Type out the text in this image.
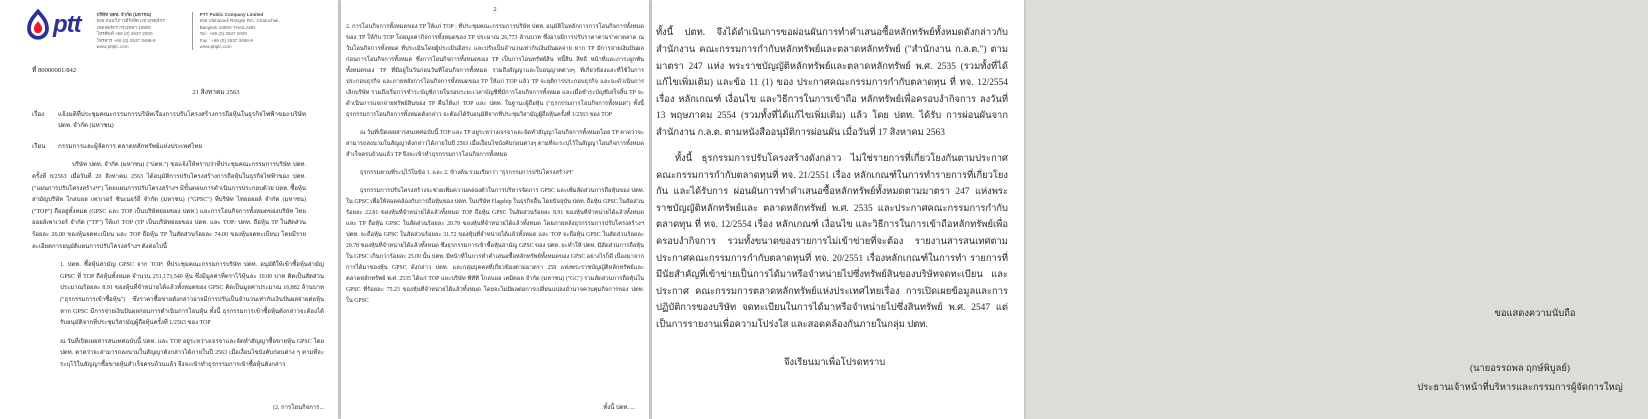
ptt	บริษัท ปตท. จำกัด (มหาชน)
555 ถนนวิภาวดีรังสิต แขวงจตุจักร
เขตจตุจักร กรุงเทพฯ 10900
โทรศัพท์ +66 (0) 2537 2000
โทรสาร +66 (0) 2537 3498-9
www.pttplc.com
PTT Public Company Limited
555 Vibhavadi Rangsit Rd., Chatuchak,
Bangkok 10900 THAILAND
Tel : +66 (0) 2537 2000
Fax : +66 (0) 2537 3498-9
www.pttplc.com
ที่ 80000001/842
21 สิงหาคม 2563
เรื่อง	แจ้งมติที่ประชุมคณะกรรมการบริษัทเรื่องการปรับโครงสร้างการถือหุ้นในธุรกิจไฟฟ้าของ บริษัท ปตท. จำกัด (มหาชน)
เรียน	กรรมการและผู้จัดการ ตลาดหลักทรัพย์แห่งประเทศไทย

บริษัท ปตท. จำกัด (มหาชน) ("ปตท.") ขอแจ้งให้ทราบว่าที่ประชุมคณะกรรมการบริษัท ปตท. ครั้งที่ 8/2563 เมื่อวันที่ 20 สิงหาคม 2563 ได้อนุมัติการปรับโครงสร้างการถือหุ้นในธุรกิจไฟฟ้าของ ปตท. ("แผนการปรับโครงสร้างฯ") โดยแผนการปรับโครงสร้างฯ มีขั้นตอนการดำเนินการประกอบด้วย ปตท. ซื้อหุ้นสามัญบริษัท โกลบอล เพาเวอร์ ซินเนอร์ยี่ จำกัด (มหาชน) ("GPSC") ที่บริษัท ไทยออยล์ จำกัด (มหาชน) ("TOP") ถืออยู่ทั้งหมด (GPSC และ TOP เป็นบริษัทย่อยของ ปตท.) และการโอนกิจการทั้งหมดของบริษัท ไทยออยล์เพาเวอร์ จำกัด ("TP") ให้แก่ TOP (TP เป็นบริษัทย่อยของ ปตท. และ TOP: ปตท. ถือหุ้น TP ในสัดส่วนร้อยละ 26.00 ของหุ้นจดทะเบียน และ TOP ถือหุ้น TP ในสัดส่วนร้อยละ 74.00 ของหุ้นจดทะเบียน) โดยมีรายละเอียดการอนุมัติแผนการปรับโครงสร้างฯ ดังต่อไปนี้

1. ปตท. ซื้อหุ้นสามัญ GPSC จาก TOP: ที่ประชุมคณะกรรมการบริษัท ปตท. อนุมัติให้เข้าซื้อหุ้นสามัญ GPSC ที่ TOP ถือหุ้นทั้งหมด จำนวน 251,173,540 หุ้น ซึ่งมีมูลค่าที่ตราไว้หุ้นละ 10.00 บาท คิดเป็นสัดส่วนประมาณร้อยละ 8.91 ของหุ้นที่จำหน่ายได้แล้วทั้งหมดของ GPSC คิดเป็นมูลค่าประมาณ 16,882 ล้านบาท ("ธุรกรรมการเข้าซื้อหุ้น") ซึ่งราคาซื้อขายดังกล่าวอาจมีการปรับเป็นจำนวนเท่ากับเงินปันผลจ่ายต่อหุ้น หาก GPSC มีการจ่ายเงินปันผลก่อนการดำเนินการโอนหุ้น ทั้งนี้ ธุรกรรมการเข้าซื้อหุ้นดังกล่าวจะต้องได้รับอนุมัติจากที่ประชุมวิสามัญผู้ถือหุ้นครั้งที่ 1/2563 ของ TOP

ณ วันที่เปิดเผยสารสนเทศฉบับนี้ ปตท. และ TOP อยู่ระหว่างเจรจาและจัดทำสัญญาซื้อขายหุ้น GPSC โดย ปตท. คาดว่าจะสามารถลงนามในสัญญาดังกล่าวได้ภายในปี 2563 เมื่อเงื่อนไขบังคับก่อนต่าง ๆ ตามที่จะระบุไว้ในสัญญาซื้อขายหุ้นสำเร็จครบถ้วนแล้ว จึงจะเข้าทำธุรกรรมการเข้าซื้อหุ้นดังกล่าว

(2. การโอนกิจการ...
2

2. การโอนกิจการทั้งหมดของ TP ให้แก่ TOP : ที่ประชุมคณะกรรมการบริษัท ปตท. อนุมัติในหลักการการโอนกิจการทั้งหมดของ TP ให้กับ TOP โดยมูลค่ากิจการทั้งหมดของ TP ประมาณ 26,773 ล้านบาท ซึ่งอาจมีการปรับราคาตามราคาตลาด ณ วันโอนกิจการทั้งหมด ที่ประเมินโดยผู้ประเมินอิสระ และปรับเป็นจำนวนเท่ากับเงินปันผลจ่าย หาก TP มีการจ่ายเงินปันผลก่อนการโอนกิจการทั้งหมด ซึ่งการโอนกิจการทั้งหมดของ TP เป็นการโอนทรัพย์สิน หนี้สิน สิทธิ หน้าที่และภาระผูกพันทั้งหมดของ TP ที่มีอยู่ในวันก่อนวันที่โอนกิจการทั้งหมด รวมถึงสัญญาและใบอนุญาตต่างๆ ที่เกี่ยวข้องและที่ใช้ในการประกอบธุรกิจ และภายหลังการโอนกิจการทั้งหมดของ TP ให้แก่ TOP แล้ว TP จะยุติการประกอบธุรกิจ และจะดำเนินการเลิกบริษัท รวมถึงเริ่มการชำระบัญชีภายในรอบระยะเวลาบัญชีที่มีการโอนกิจการทั้งหมด และเมื่อชำระบัญชีเสร็จสิ้น TP จะดำเนินการแจกจ่ายทรัพย์สินของ TP คืนให้แก่ TOP และ ปตท. ในฐานะผู้ถือหุ้น ("ธุรกรรมการโอนกิจการทั้งหมด") ทั้งนี้ ธุรกรรมการโอนกิจการทั้งหมดดังกล่าว จะต้องได้รับอนุมัติจากที่ประชุมวิสามัญผู้ถือหุ้นครั้งที่ 1/2563 ของ TOP

ณ วันที่เปิดเผยสารสนเทศฉบับนี้ TOP และ TP อยู่ระหว่างเจรจาและจัดทำสัญญาโอนกิจการทั้งหมดโดย TP คาดว่าจะสามารถลงนามในสัญญาดังกล่าวได้ภายในปี 2563 เมื่อเงื่อนไขบังคับก่อนต่างๆ ตามที่จะระบุไว้ในสัญญาโอนกิจการทั้งหมดสำเร็จครบถ้วนแล้ว TP จึงจะเข้าทำธุรกรรมการโอนกิจการทั้งหมด

ธุรกรรมตามที่ระบุไว้ในข้อ 1. และ 2. ข้างต้น รวมเรียกว่า "ธุรกรรมการปรับโครงสร้างฯ"

ธุรกรรมการปรับโครงสร้างจะช่วยเพิ่มความคล่องตัวในการบริหารจัดการ GPSC และเพิ่มสัดส่วนการถือหุ้นของ ปตท. ใน GPSC เพื่อให้สอดคล้องกับการถือหุ้นของ ปตท. ในบริษัท Flagship ในธุรกิจอื่น โดยปัจจุบัน ปตท. ถือหุ้น GPSC ในสัดส่วนร้อยละ 22.81 ของหุ้นที่จำหน่ายได้แล้วทั้งหมด TOP ถือหุ้น GPSC ในสัดส่วนร้อยละ 8.91 ของหุ้นที่จำหน่ายได้แล้วทั้งหมด และ TP ถือหุ้น GPSC ในสัดส่วนร้อยละ 20.78 ของหุ้นที่จำหน่ายได้แล้วทั้งหมด โดยภายหลังธุรกรรมการปรับโครงสร้างฯ ปตท. จะถือหุ้น GPSC ในสัดส่วนร้อยละ 31.72 ของหุ้นที่จำหน่ายได้แล้วทั้งหมด และ TOP จะถือหุ้น GPSC ในสัดส่วนร้อยละ 20.78 ของหุ้นที่จำหน่ายได้แล้วทั้งหมด ซึ่งธุรกรรมการเข้าซื้อหุ้นสามัญ GPSC ของ ปตท. จะทำให้ ปตท. มีสัดส่วนการถือหุ้นใน GPSC เกินกว่าร้อยละ 25.00 นั้น ปตท. มีหน้าที่ในการทำคำเสนอซื้อหลักทรัพย์ทั้งหมดของ GPSC อย่างไรก็ดี เนื่องมาจากการได้มาของหุ้น GPSC ดังกล่าว ปตท. และกลุ่มบุคคลที่เกี่ยวข้องตามมาตรา 258 แห่งพระราชบัญญัติหลักทรัพย์และตลาดหลักทรัพย์ พ.ศ. 2535 ได้แก่ TOP และบริษัท พีทีที โกลบอล เคมิคอล จำกัด (มหาชน) ("GC") รวมสัดส่วนการถือหุ้นใน GPSC ที่ร้อยละ 75.23 ของหุ้นที่จำหน่ายได้แล้วทั้งหมด โดยจะไม่มีผลต่อการเปลี่ยนแปลงอำนาจควบคุมกิจการของ ปตท. ใน GPSC

ทั้งนี้ ปตท. ...

ทั้งนี้ ปตท. จึงได้ดำเนินการขอผ่อนผันการทำคำเสนอซื้อหลักทรัพย์ทั้งหมดดังกล่าวกับสำนักงาน คณะกรรมการกำกับหลักทรัพย์และตลาดหลักทรัพย์ ("สำนักงาน ก.ล.ต.") ตามมาตรา 247 แห่ง พระราชบัญญัติหลักทรัพย์และตลาดหลักทรัพย์ พ.ศ. 2535 (รวมทั้งที่ได้แก้ไขเพิ่มเติม) และข้อ 11 (1) ของ ประกาศคณะกรรมการกำกับตลาดทุน ที่ ทจ. 12/2554 เรื่อง หลักเกณฑ์ เงื่อนไข และวิธีการในการเข้าถือ หลักทรัพย์เพื่อครอบงำกิจการ ลงวันที่ 13 พฤษภาคม 2554 (รวมทั้งที่ได้แก้ไขเพิ่มเติม) แล้ว โดย ปตท. ได้รับ การผ่อนผันจากสำนักงาน ก.ล.ต. ตามหนังสืออนุมัติการผ่อนผัน เมื่อวันที่ 17 สิงหาคม 2563

ทั้งนี้ ธุรกรรมการปรับโครงสร้างดังกล่าว ไม่ใช่รายการที่เกี่ยวโยงกันตามประกาศ คณะกรรมการกำกับตลาดทุนที่ ทจ. 21/2551 เรื่อง หลักเกณฑ์ในการทำรายการที่เกี่ยวโยงกัน และได้รับการ ผ่อนผันการทำคำเสนอซื้อหลักทรัพย์ทั้งหมดตามมาตรา 247 แห่งพระราชบัญญัติหลักทรัพย์และ ตลาดหลักทรัพย์ พ.ศ. 2535 และประกาศคณะกรรมการกำกับตลาดทุน ที่ ทจ. 12/2554 เรื่อง หลักเกณฑ์ เงื่อนไข และวิธีการในการเข้าถือหลักทรัพย์เพื่อครอบงำกิจการ รวมทั้งขนาดของรายการไม่เข้าข่ายที่จะต้อง รายงานสารสนเทศตามประกาศคณะกรรมการกำกับตลาดทุนที่ ทจ. 20/2551 เรื่องหลักเกณฑ์ในการทำ รายการที่มีนัยสำคัญที่เข้าข่ายเป็นการได้มาหรือจำหน่ายไปซึ่งทรัพย์สินของบริษัทจดทะเบียน และประกาศ คณะกรรมการตลาดหลักทรัพย์แห่งประเทศไทยเรื่อง การเปิดเผยข้อมูลและการปฏิบัติการของบริษัท จดทะเบียนในการได้มาหรือจำหน่ายไปซึ่งสินทรัพย์ พ.ศ. 2547 แต่เป็นการรายงานเพื่อความโปร่งใส และสอดคล้องกันภายในกลุ่ม ปตท.

จึงเรียนมาเพื่อโปรดทราบ
ขอแสดงความนับถือ
(นายอรรถพล ฤกษ์พิบูลย์)
ประธานเจ้าหน้าที่บริหารและกรรมการผู้จัดการใหญ่
